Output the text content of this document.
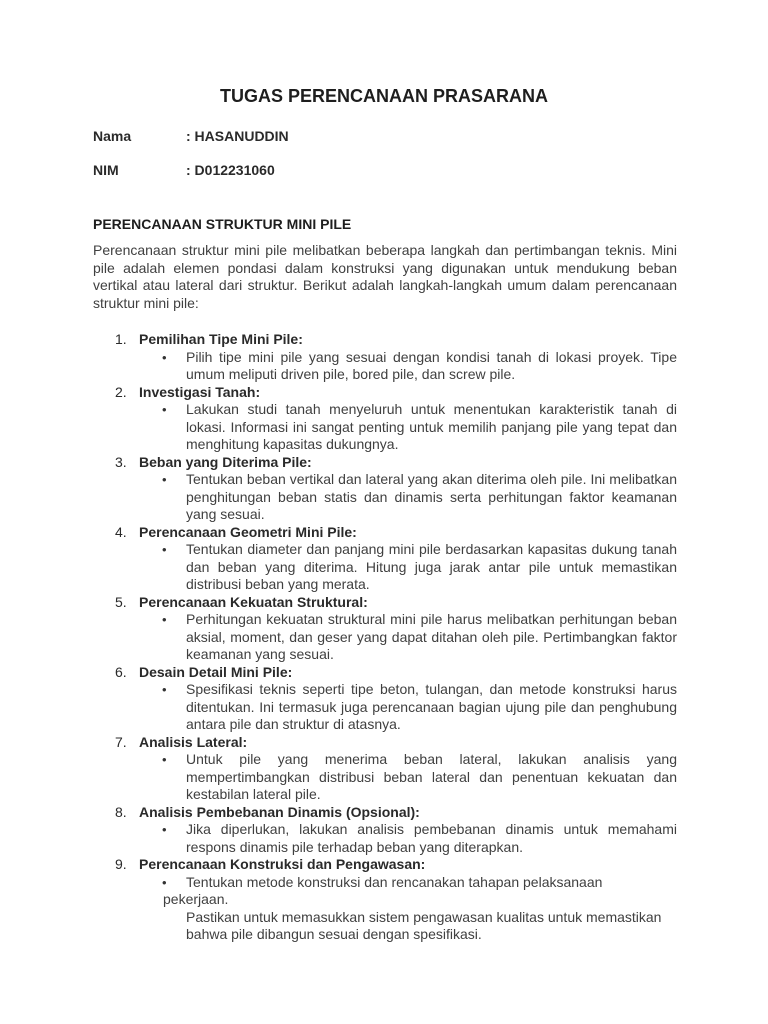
TUGAS PERENCANAAN PRASARANA
Nama	: HASANUDDIN
NIM	: D012231060
PERENCANAAN STRUKTUR MINI PILE

Perencanaan struktur mini pile melibatkan beberapa langkah dan pertimbangan teknis. Mini pile adalah elemen pondasi dalam konstruksi yang digunakan untuk mendukung beban vertikal atau lateral dari struktur. Berikut adalah langkah-langkah umum dalam perencanaan struktur mini pile:

1. Pemilihan Tipe Mini Pile:
• Pilih tipe mini pile yang sesuai dengan kondisi tanah di lokasi proyek. Tipe umum meliputi driven pile, bored pile, dan screw pile.
2. Investigasi Tanah:
• Lakukan studi tanah menyeluruh untuk menentukan karakteristik tanah di lokasi. Informasi ini sangat penting untuk memilih panjang pile yang tepat dan menghitung kapasitas dukungnya.
3. Beban yang Diterima Pile:
• Tentukan beban vertikal dan lateral yang akan diterima oleh pile. Ini melibatkan penghitungan beban statis dan dinamis serta perhitungan faktor keamanan yang sesuai.
4. Perencanaan Geometri Mini Pile:
• Tentukan diameter dan panjang mini pile berdasarkan kapasitas dukung tanah dan beban yang diterima. Hitung juga jarak antar pile untuk memastikan distribusi beban yang merata.
5. Perencanaan Kekuatan Struktural:
• Perhitungan kekuatan struktural mini pile harus melibatkan perhitungan beban aksial, moment, dan geser yang dapat ditahan oleh pile. Pertimbangkan faktor keamanan yang sesuai.
6. Desain Detail Mini Pile:
• Spesifikasi teknis seperti tipe beton, tulangan, dan metode konstruksi harus ditentukan. Ini termasuk juga perencanaan bagian ujung pile dan penghubung antara pile dan struktur di atasnya.
7. Analisis Lateral:
• Untuk pile yang menerima beban lateral, lakukan analisis yang mempertimbangkan distribusi beban lateral dan penentuan kekuatan dan kestabilan lateral pile.
8. Analisis Pembebanan Dinamis (Opsional):
• Jika diperlukan, lakukan analisis pembebanan dinamis untuk memahami respons dinamis pile terhadap beban yang diterapkan.
9. Perencanaan Konstruksi dan Pengawasan:
•	Tentukan metode konstruksi dan rencanakan tahapan pelaksanaan
pekerjaan.
Pastikan untuk memasukkan sistem pengawasan kualitas untuk memastikan bahwa pile dibangun sesuai dengan spesifikasi.
